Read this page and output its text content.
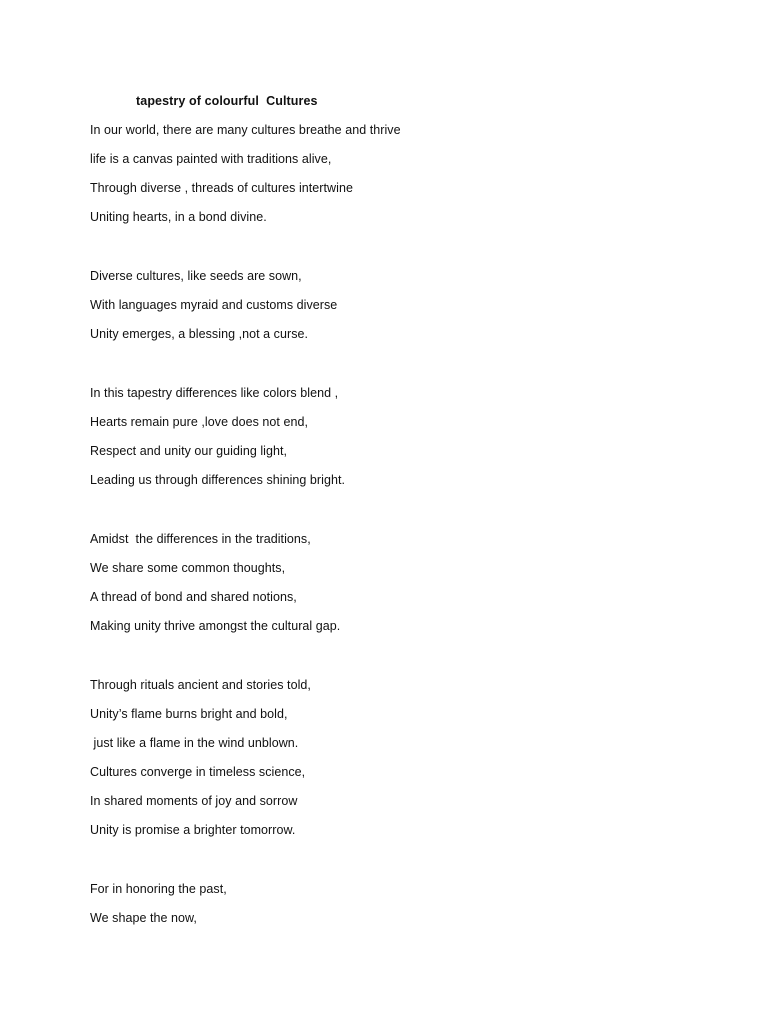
tapestry of colourful  Cultures
In our world, there are many cultures breathe and thrive
life is a canvas painted with traditions alive,
Through diverse , threads of cultures intertwine
Uniting hearts, in a bond divine.
Diverse cultures, like seeds are sown,
With languages myraid and customs diverse
Unity emerges, a blessing ,not a curse.
In this tapestry differences like colors blend ,
Hearts remain pure ,love does not end,
Respect and unity our guiding light,
Leading us through differences shining bright.
Amidst  the differences in the traditions,
We share some common thoughts,
A thread of bond and shared notions,
Making unity thrive amongst the cultural gap.
Through rituals ancient and stories told,
Unity’s flame burns bright and bold,
just like a flame in the wind unblown.
Cultures converge in timeless science,
In shared moments of joy and sorrow
Unity is promise a brighter tomorrow.
For in honoring the past,
We shape the now,
